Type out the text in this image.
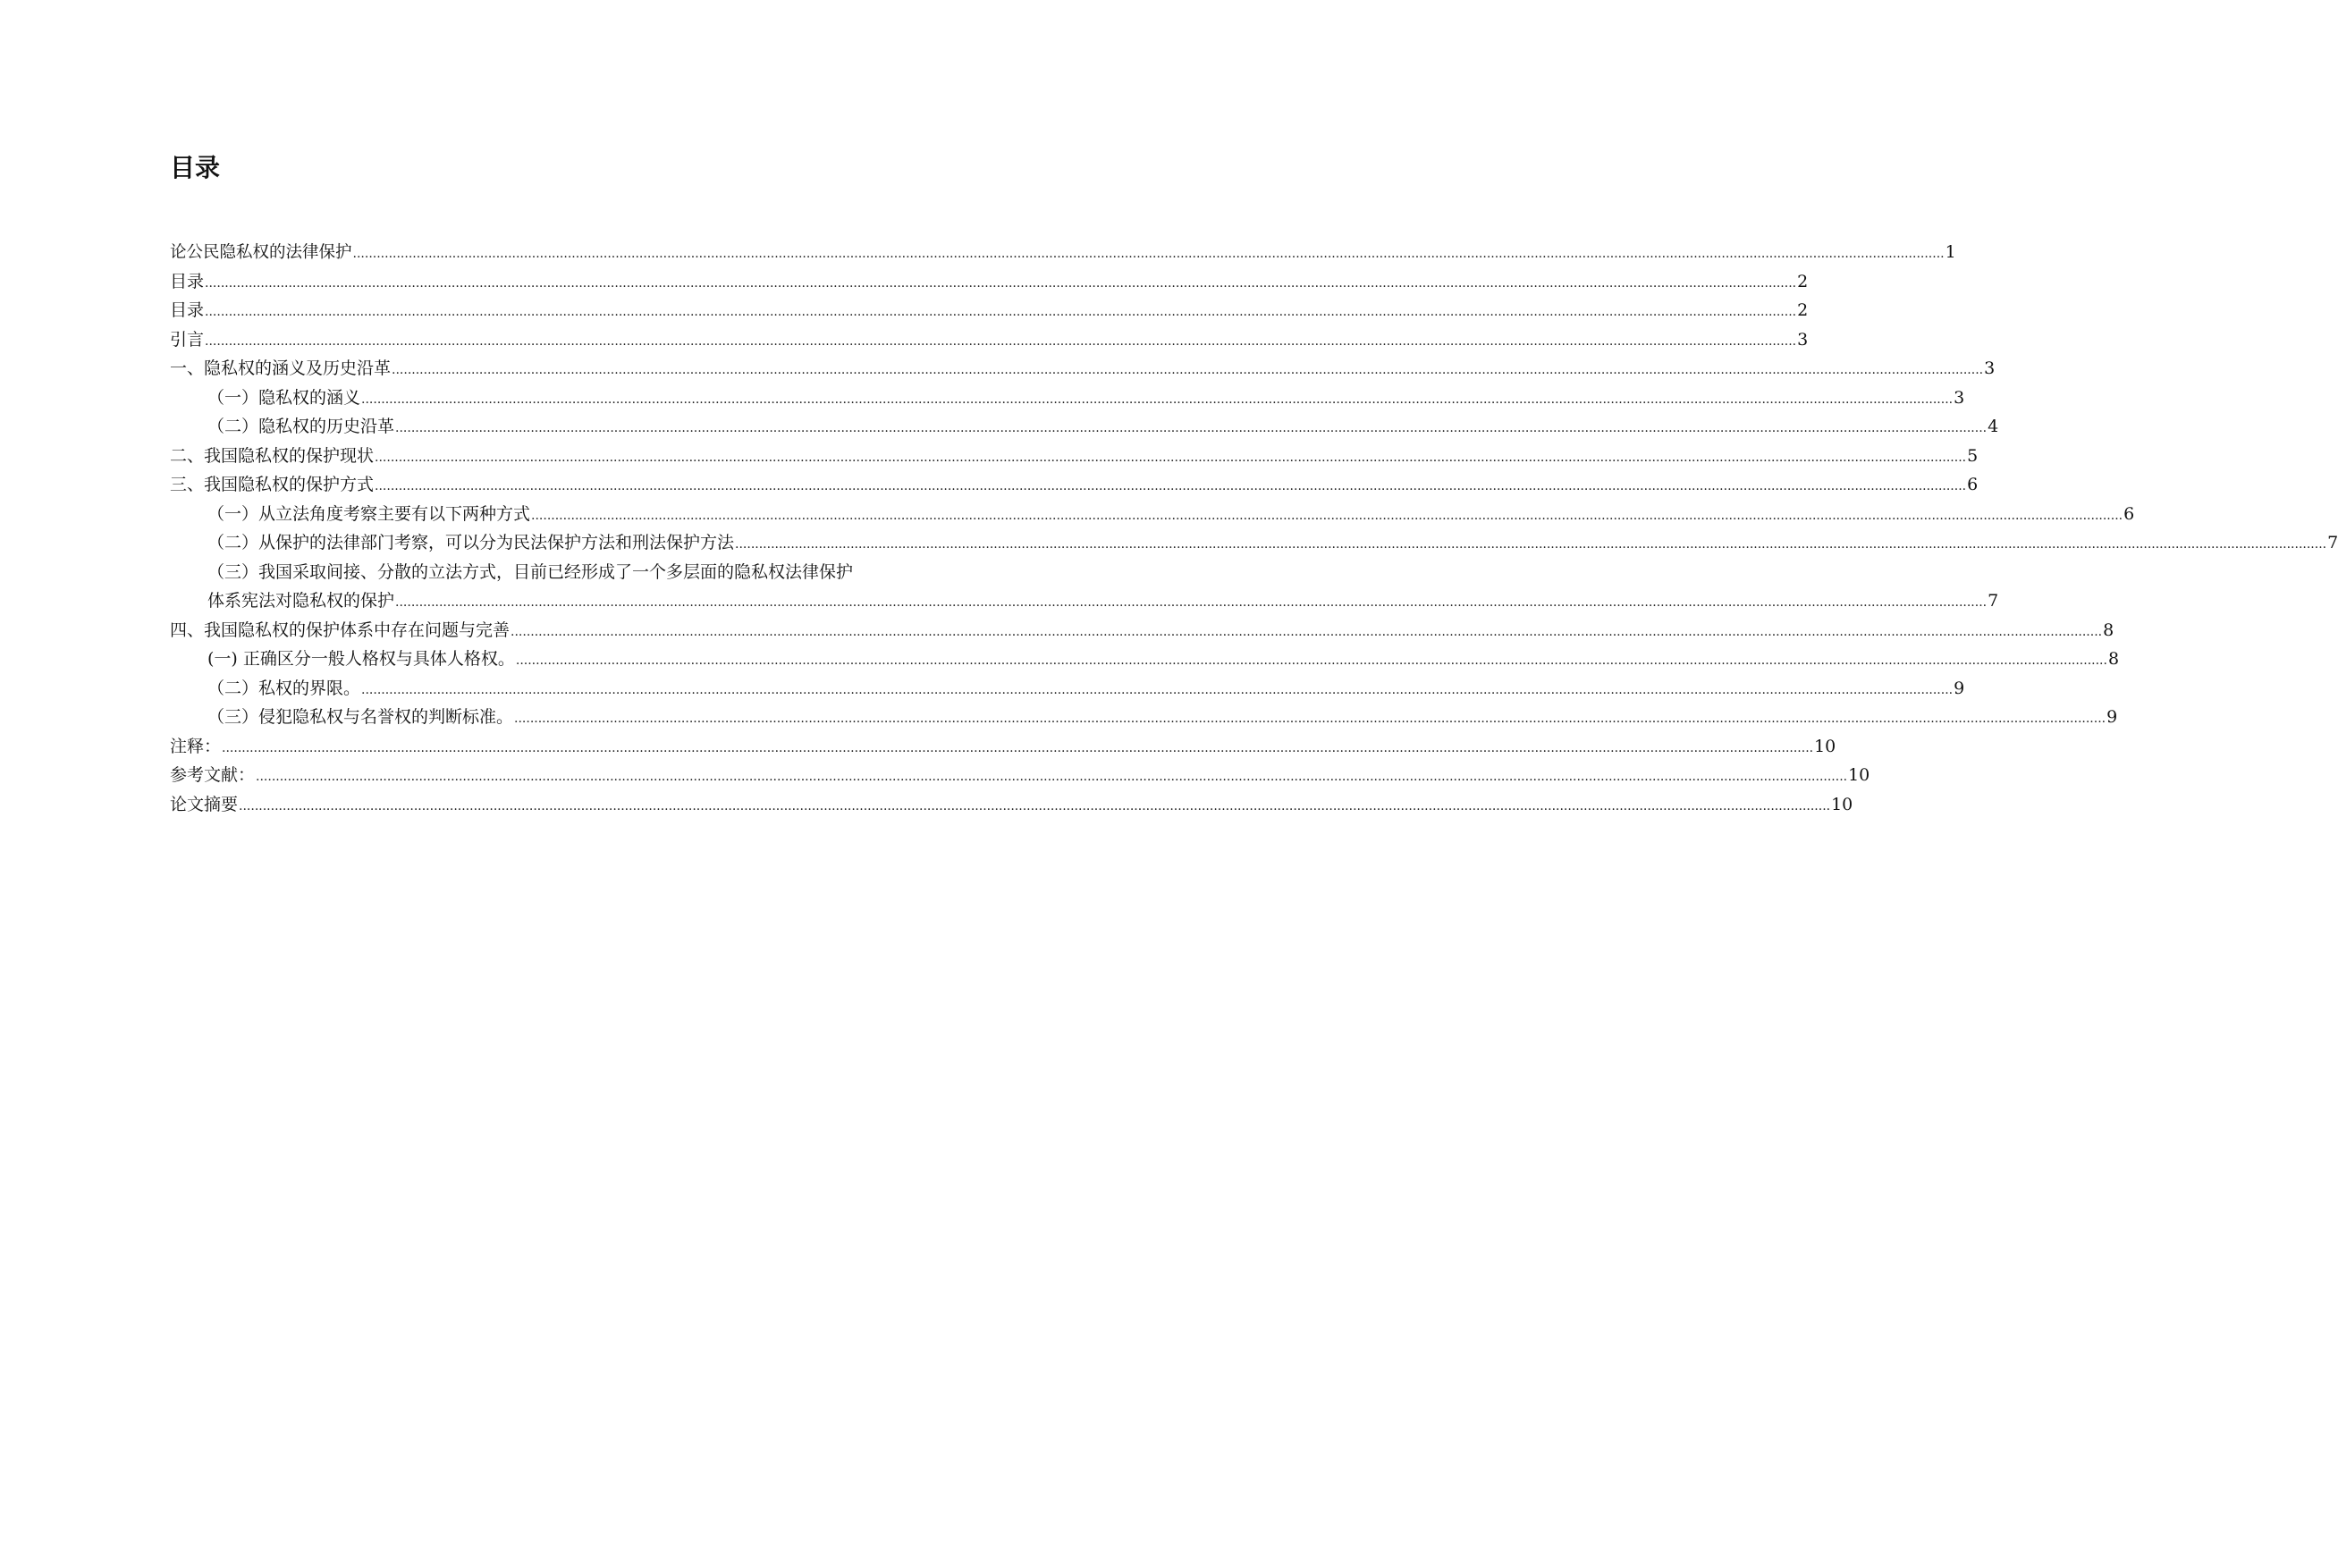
目录
论公民隐私权的法律保护 ................................................................................................................................................................................................................................................................................................................................................................................................................ 1
目录 ................................................................................................................................................................................................................................................................................................................................................................................................................ 2
目录 ................................................................................................................................................................................................................................................................................................................................................................................................................ 2
引言 ................................................................................................................................................................................................................................................................................................................................................................................................................ 3
一、隐私权的涵义及历史沿革 ................................................................................................................................................................................................................................................................................................................................................................................................................ 3
（一）隐私权的涵义 ................................................................................................................................................................................................................................................................................................................................................................................................................ 3
（二）隐私权的历史沿革 ................................................................................................................................................................................................................................................................................................................................................................................................................ 4
二、我国隐私权的保护现状 ................................................................................................................................................................................................................................................................................................................................................................................................................ 5
三、我国隐私权的保护方式 ................................................................................................................................................................................................................................................................................................................................................................................................................ 6
（一）从立法角度考察主要有以下两种方式 ................................................................................................................................................................................................................................................................................................................................................................................................................ 6
（二）从保护的法律部门考察，可以分为民法保护方法和刑法保护方法 ................................................................................................................................................................................................................................................................................................................................................................................................................ 7
（三）我国采取间接、分散的立法方式，目前已经形成了一个多层面的隐私权法律保护
体系宪法对隐私权的保护 ................................................................................................................................................................................................................................................................................................................................................................................................................ 7
四、我国隐私权的保护体系中存在问题与完善 ................................................................................................................................................................................................................................................................................................................................................................................................................ 8
(一) 正确区分一般人格权与具体人格权。 ................................................................................................................................................................................................................................................................................................................................................................................................................ 8
（二）私权的界限。 ................................................................................................................................................................................................................................................................................................................................................................................................................ 9
（三）侵犯隐私权与名誉权的判断标准。 ................................................................................................................................................................................................................................................................................................................................................................................................................ 9
注释： ................................................................................................................................................................................................................................................................................................................................................................................................................ 10
参考文献： ................................................................................................................................................................................................................................................................................................................................................................................................................ 10
论文摘要 ................................................................................................................................................................................................................................................................................................................................................................................................................ 10
